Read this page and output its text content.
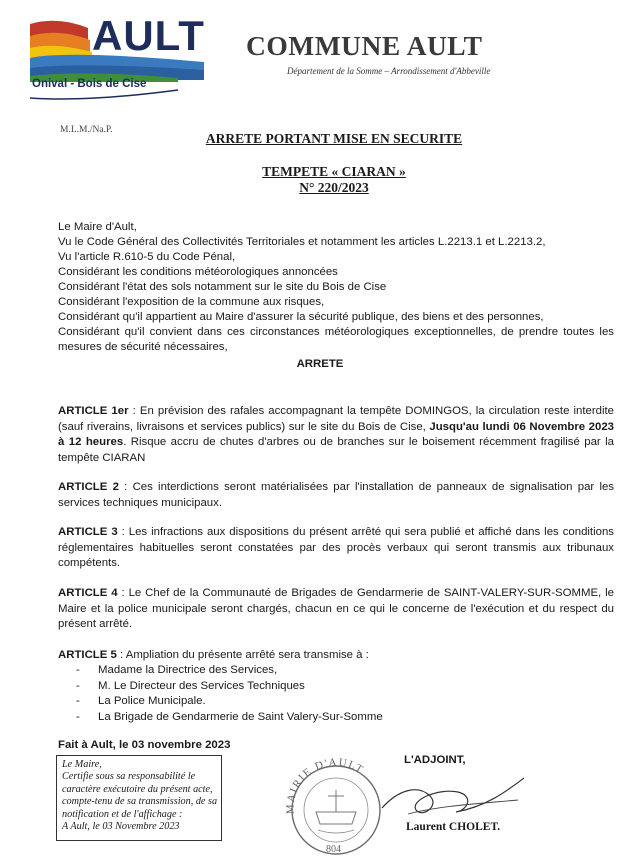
AULT
Onival - Bois de Cise
COMMUNE AULT
Département de la Somme – Arrondissement d'Abbeville
M.L.M./Na.P.
ARRETE PORTANT MISE EN SECURITE
TEMPETE « CIARAN »
N° 220/2023
Le Maire d'Ault,
Vu le Code Général des Collectivités Territoriales et notamment les articles L.2213.1 et L.2213.2,
Vu l'article R.610-5 du Code Pénal,
Considérant les conditions météorologiques annoncées
Considérant l'état des sols notamment sur le site du Bois de Cise
Considérant l'exposition de la commune aux risques,
Considérant qu'il appartient au Maire d'assurer la sécurité publique, des biens et des personnes,
Considérant qu'il convient dans ces circonstances météorologiques exceptionnelles, de prendre toutes les mesures de sécurité nécessaires,
ARRETE
ARTICLE 1er : En prévision des rafales accompagnant la tempête DOMINGOS, la circulation reste interdite (sauf riverains, livraisons et services publics) sur le site du Bois de Cise, Jusqu'au lundi 06 Novembre 2023 à 12 heures. Risque accru de chutes d'arbres ou de branches sur le boisement récemment fragilisé par la tempête CIARAN
ARTICLE 2 : Ces interdictions seront matérialisées par l'installation de panneaux de signalisation par les services techniques municipaux.
ARTICLE 3 : Les infractions aux dispositions du présent arrêté qui sera publié et affiché dans les conditions réglementaires habituelles seront constatées par des procès verbaux qui seront transmis aux tribunaux compétents.
ARTICLE 4 : Le Chef de la Communauté de Brigades de Gendarmerie de SAINT-VALERY-SUR-SOMME, le Maire et la police municipale seront chargés, chacun en ce qui le concerne de l'exécution et du respect du présent arrêté.
ARTICLE 5 : Ampliation du présente arrêté sera transmise à :
- Madame la Directrice des Services,
- M. Le Directeur des Services Techniques
- La Police Municipale.
- La Brigade de Gendarmerie de Saint Valery-Sur-Somme
Fait à Ault, le 03 novembre 2023
Le Maire,
Certifie sous sa responsabilité le
caractère exécutoire du présent acte,
compte-tenu de sa transmission, de sa
notification et de l'affichage :
A Ault, le 03 Novembre 2023
L'ADJOINT,
MAIRIE D'AULT
804
Laurent CHOLET.
